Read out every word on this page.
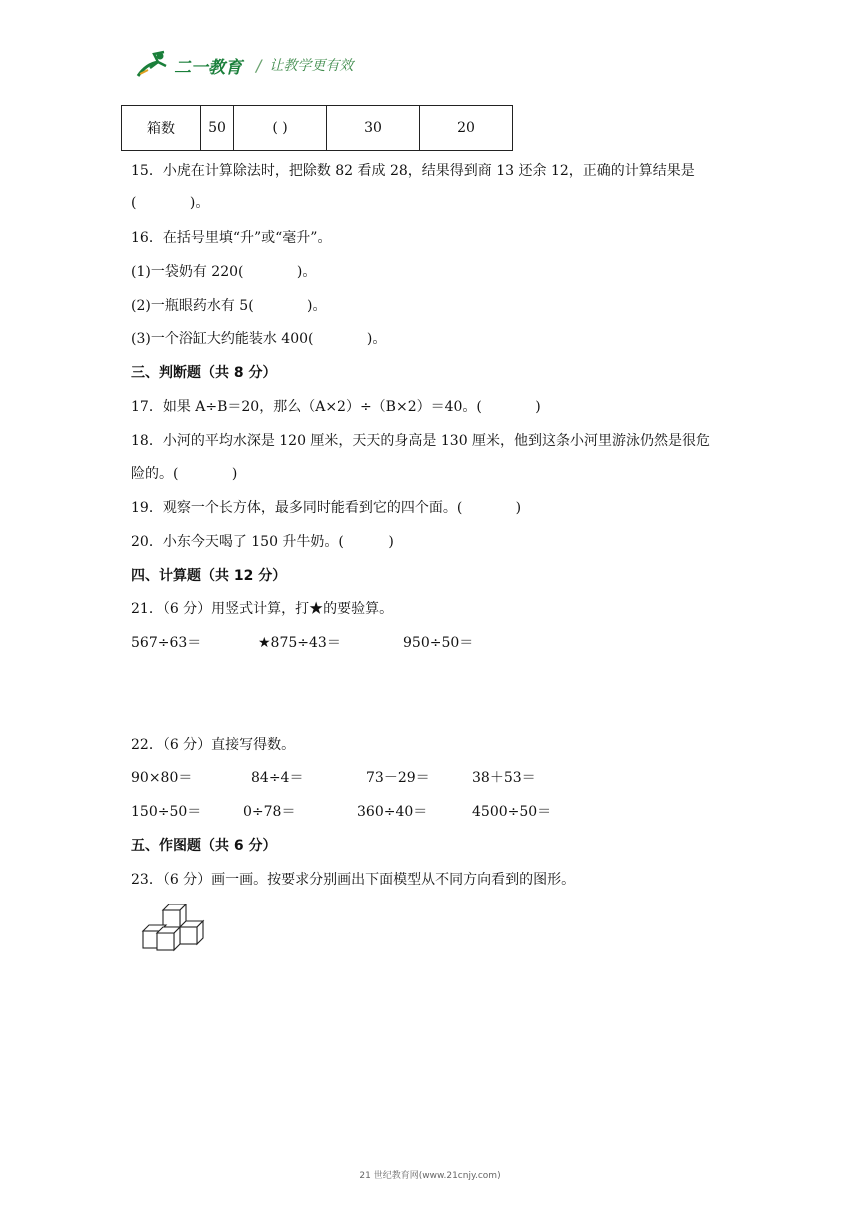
二一教育 / 让教学更有效
箱数	50	( )	30	20
15．小虎在计算除法时，把除数 82 看成 28，结果得到商 13 还余 12，正确的计算结果是
(            )。
16．在括号里填“升”或“毫升”。
(1)一袋奶有 220(            )。
(2)一瓶眼药水有 5(            )。
(3)一个浴缸大约能装水 400(            )。
三、判断题（共 8 分）
17．如果 A÷B＝20，那么（A×2）÷（B×2）＝40。(            )
18．小河的平均水深是 120 厘米，天天的身高是 130 厘米，他到这条小河里游泳仍然是很危
险的。(            )
19．观察一个长方体，最多同时能看到它的四个面。(            )
20．小东今天喝了 150 升牛奶。(          )
四、计算题（共 12 分）
21．（6 分）用竖式计算，打★的要验算。
567÷63＝	★875÷43＝	950÷50＝
22．（6 分）直接写得数。
90×80＝	84÷4＝	73－29＝	38＋53＝
150÷50＝	0÷78＝	360÷40＝	4500÷50＝
五、作图题（共 6 分）
23．（6 分）画一画。按要求分别画出下面模型从不同方向看到的图形。
21 世纪教育网(www.21cnjy.com)
